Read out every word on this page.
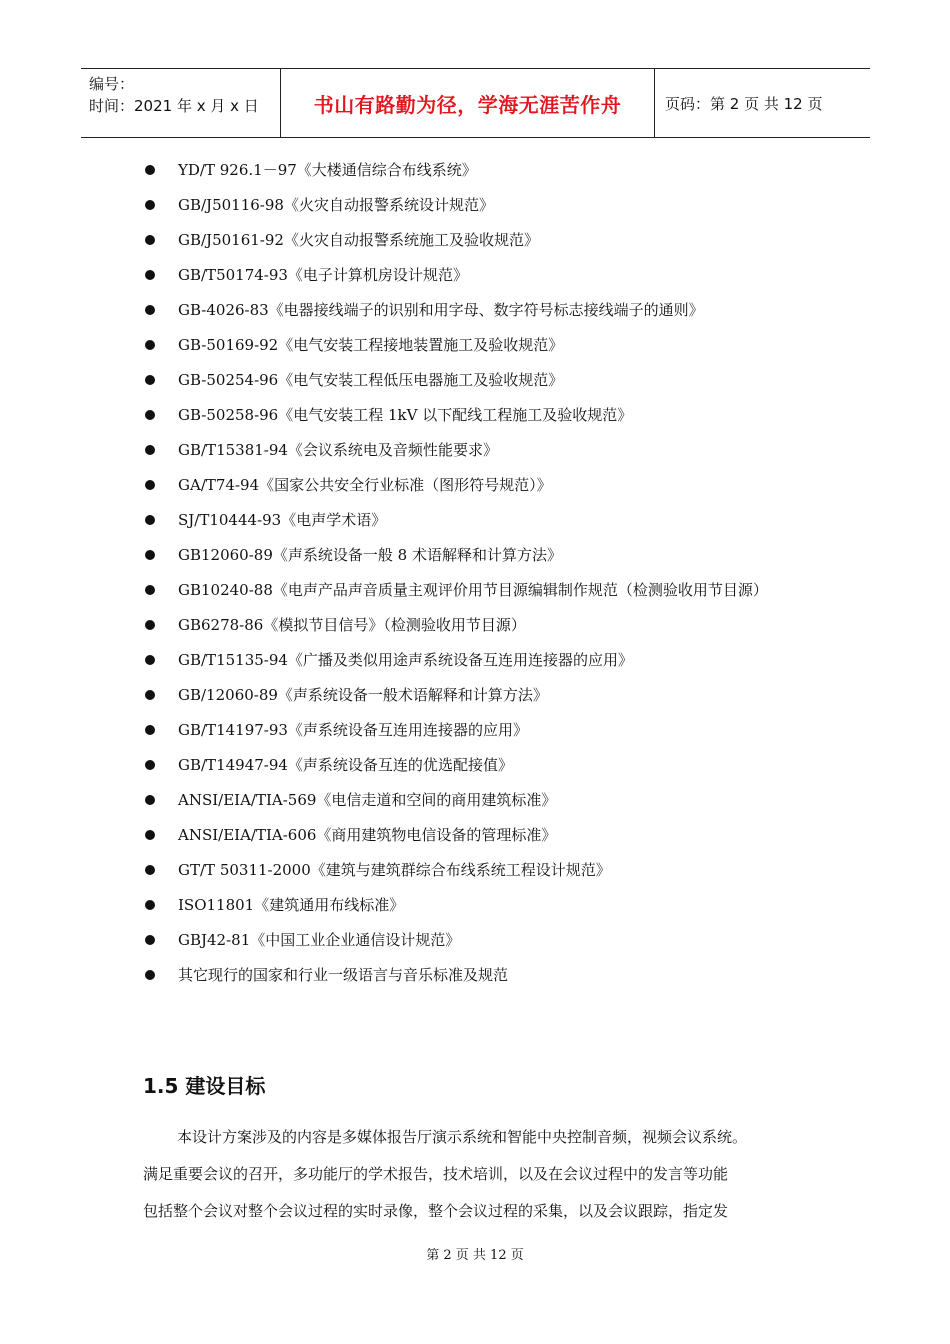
编号：
时间：2021 年 x 月 x 日	书山有路勤为径，学海无涯苦作舟	页码：第 2 页 共 12 页
YD/T 926.1－97《大楼通信综合布线系统》
GB/J50116-98《火灾自动报警系统设计规范》
GB/J50161-92《火灾自动报警系统施工及验收规范》
GB/T50174-93《电子计算机房设计规范》
GB-4026-83《电器接线端子的识别和用字母、数字符号标志接线端子的通则》
GB-50169-92《电气安装工程接地装置施工及验收规范》
GB-50254-96《电气安装工程低压电器施工及验收规范》
GB-50258-96《电气安装工程 1kV 以下配线工程施工及验收规范》
GB/T15381-94《会议系统电及音频性能要求》
GA/T74-94《国家公共安全行业标准（图形符号规范）》
SJ/T10444-93《电声学术语》
GB12060-89《声系统设备一般 8 术语解释和计算方法》
GB10240-88《电声产品声音质量主观评价用节目源编辑制作规范（检测验收用节目源）
GB6278-86《模拟节目信号》（检测验收用节目源）
GB/T15135-94《广播及类似用途声系统设备互连用连接器的应用》
GB/12060-89《声系统设备一般术语解释和计算方法》
GB/T14197-93《声系统设备互连用连接器的应用》
GB/T14947-94《声系统设备互连的优选配接值》
ANSI/EIA/TIA-569《电信走道和空间的商用建筑标准》
ANSI/EIA/TIA-606《商用建筑物电信设备的管理标准》
GT/T 50311-2000《建筑与建筑群综合布线系统工程设计规范》
ISO11801《建筑通用布线标准》
GBJ42-81《中国工业企业通信设计规范》
其它现行的国家和行业一级语言与音乐标准及规范
1.5 建设目标

本设计方案涉及的内容是多媒体报告厅演示系统和智能中央控制音频，视频会议系统。
满足重要会议的召开，多功能厅的学术报告，技术培训，以及在会议过程中的发言等功能
包括整个会议对整个会议过程的实时录像，整个会议过程的采集，以及会议跟踪，指定发

第 2 页 共 12 页
